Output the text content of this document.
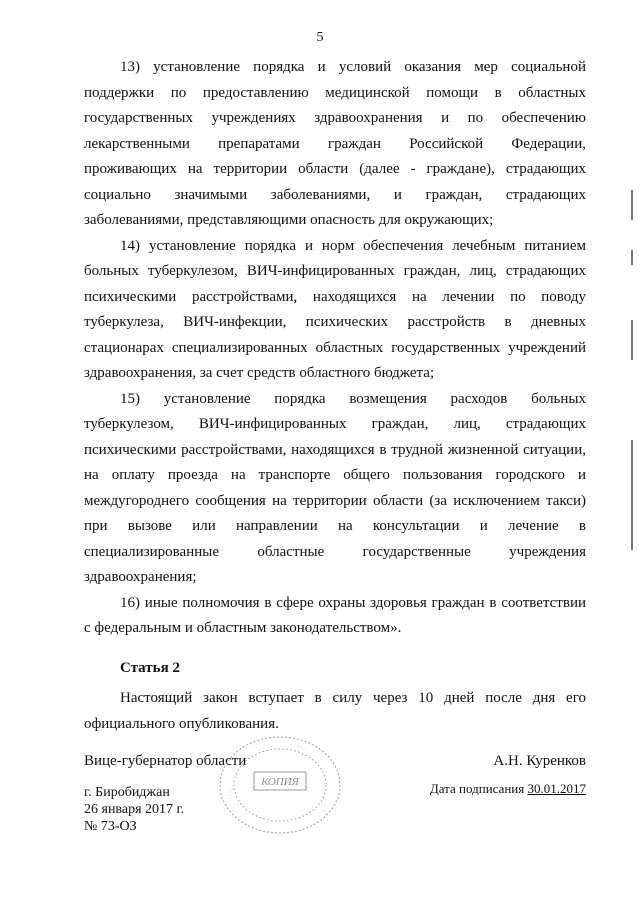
5

13) установление порядка и условий оказания мер социальной
поддержки по предоставлению медицинской помощи в областных
государственных учреждениях здравоохранения и по обеспечению
лекарственными препаратами граждан Российской Федерации,
проживающих на территории области (далее - граждане), страдающих
социально значимыми заболеваниями, и граждан, страдающих
заболеваниями, представляющими опасность для окружающих;

14) установление порядка и норм обеспечения лечебным питанием
больных туберкулезом, ВИЧ-инфицированных граждан, лиц, страдающих
психическими расстройствами, находящихся на лечении по поводу
туберкулеза, ВИЧ-инфекции, психических расстройств в дневных
стационарах специализированных областных государственных учреждений
здравоохранения, за счет средств областного бюджета;

15) установление порядка возмещения расходов больных
туберкулезом, ВИЧ-инфицированных граждан, лиц, страдающих
психическими расстройствами, находящихся в трудной жизненной ситуации,
на оплату проезда на транспорте общего пользования городского и
междугороднего сообщения на территории области (за исключением такси)
при вызове или направлении на консультации и лечение в
специализированные областные государственные учреждения
здравоохранения;

16) иные полномочия в сфере охраны здоровья граждан в соответствии
с федеральным и областным законодательством».

Статья 2

Настоящий закон вступает в силу через 10 дней после дня его
официального опубликования.

Вице-губернатор области	А.Н. Куренков
г. Биробиджан
26 января 2017 г.
№ 73-ОЗ
Дата подписания 30.01.2017
· · · · · ·	· · · · ·
· · · ·
· · · ·
КОПИЯ
